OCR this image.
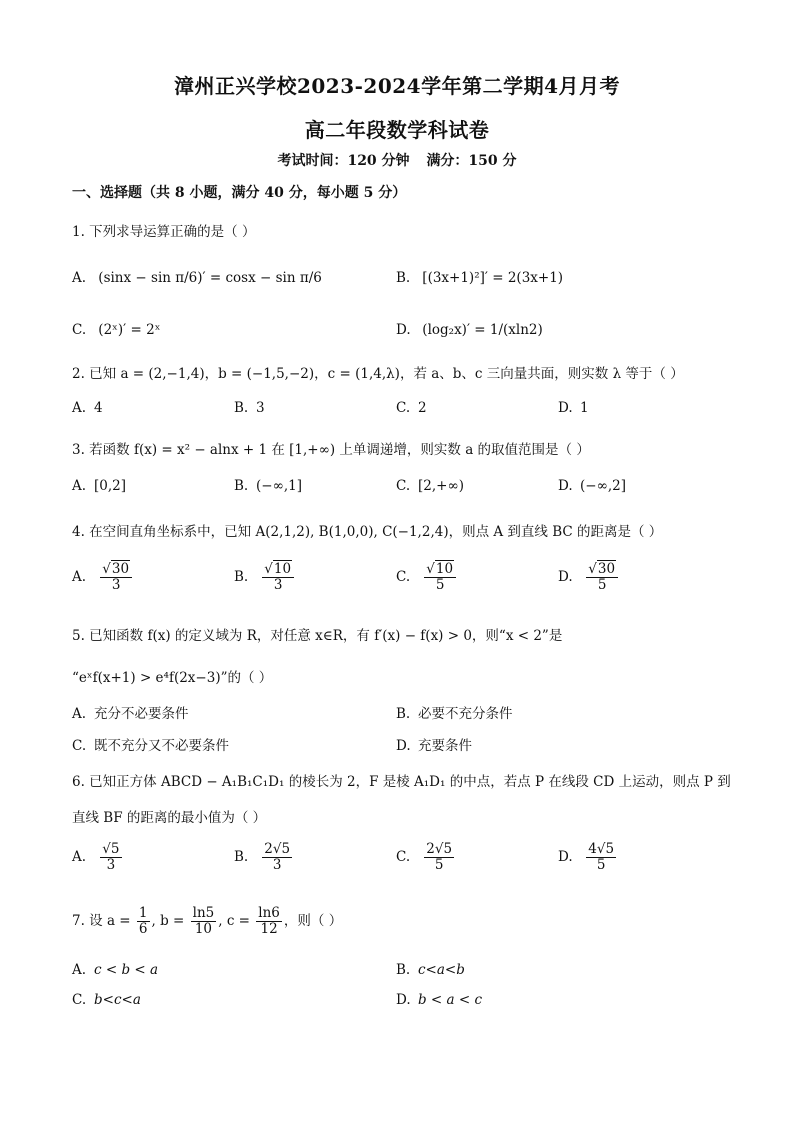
漳州正兴学校2023-2024学年第二学期4月月考
高二年段数学科试卷
考试时间：120 分钟 满分：150 分
一、选择题（共 8 小题，满分 40 分，每小题 5 分）
1. 下列求导运算正确的是（ ）
A. (sinx − sin π/6)′ = cosx − sin π/6	B. [(3x+1)²]′ = 2(3x+1)
C. (2ˣ)′ = 2ˣ	D. (log₂x)′ = 1/(xln2)
2. 已知 a = (2,−1,4)，b = (−1,5,−2)，c = (1,4,λ)，若 a、b、c 三向量共面，则实数 λ 等于（ ）
A. 4	B. 3	C. 2	D. 1
3. 若函数 f(x) = x² − alnx + 1 在 [1,+∞) 上单调递增，则实数 a 的取值范围是（ ）
A. [0,2]	B. (−∞,1]	C. [2,+∞)	D. (−∞,2]
4. 在空间直角坐标系中，已知 A(2,1,2), B(1,0,0), C(−1,2,4)，则点 A 到直线 BC 的距离是（ ）
A. $\frac{√30}{3}$	B. $\frac{√10}{3}$	C. $\frac{√10}{5}$	D. $\frac{√30}{5}$
5. 已知函数 f(x) 的定义域为 R，对任意 x∈R，有 f′(x) − f(x) > 0，则“x < 2”是
“eˣf(x+1) > e⁴f(2x−3)”的（ ）
A. 充分不必要条件	B. 必要不充分条件
C. 既不充分又不必要条件	D. 充要条件
6. 已知正方体 ABCD − A₁B₁C₁D₁ 的棱长为 2，F 是棱 A₁D₁ 的中点，若点 P 在线段 CD 上运动，则点 P 到
直线 BF 的距离的最小值为（ ）
A. $\frac{√5}{3}$	B. $\frac{2√5}{3}$	C. $\frac{2√5}{5}$	D. $\frac{4√5}{5}$
7. 设 $a = \frac{1}{6}$ , $b = \frac{\ln 5}{10}$ , $c = \frac{\ln 6}{12}$ ，则（ ）
A. c < b < a	B. c<a<b
C. b<c<a	D. b < a < c
